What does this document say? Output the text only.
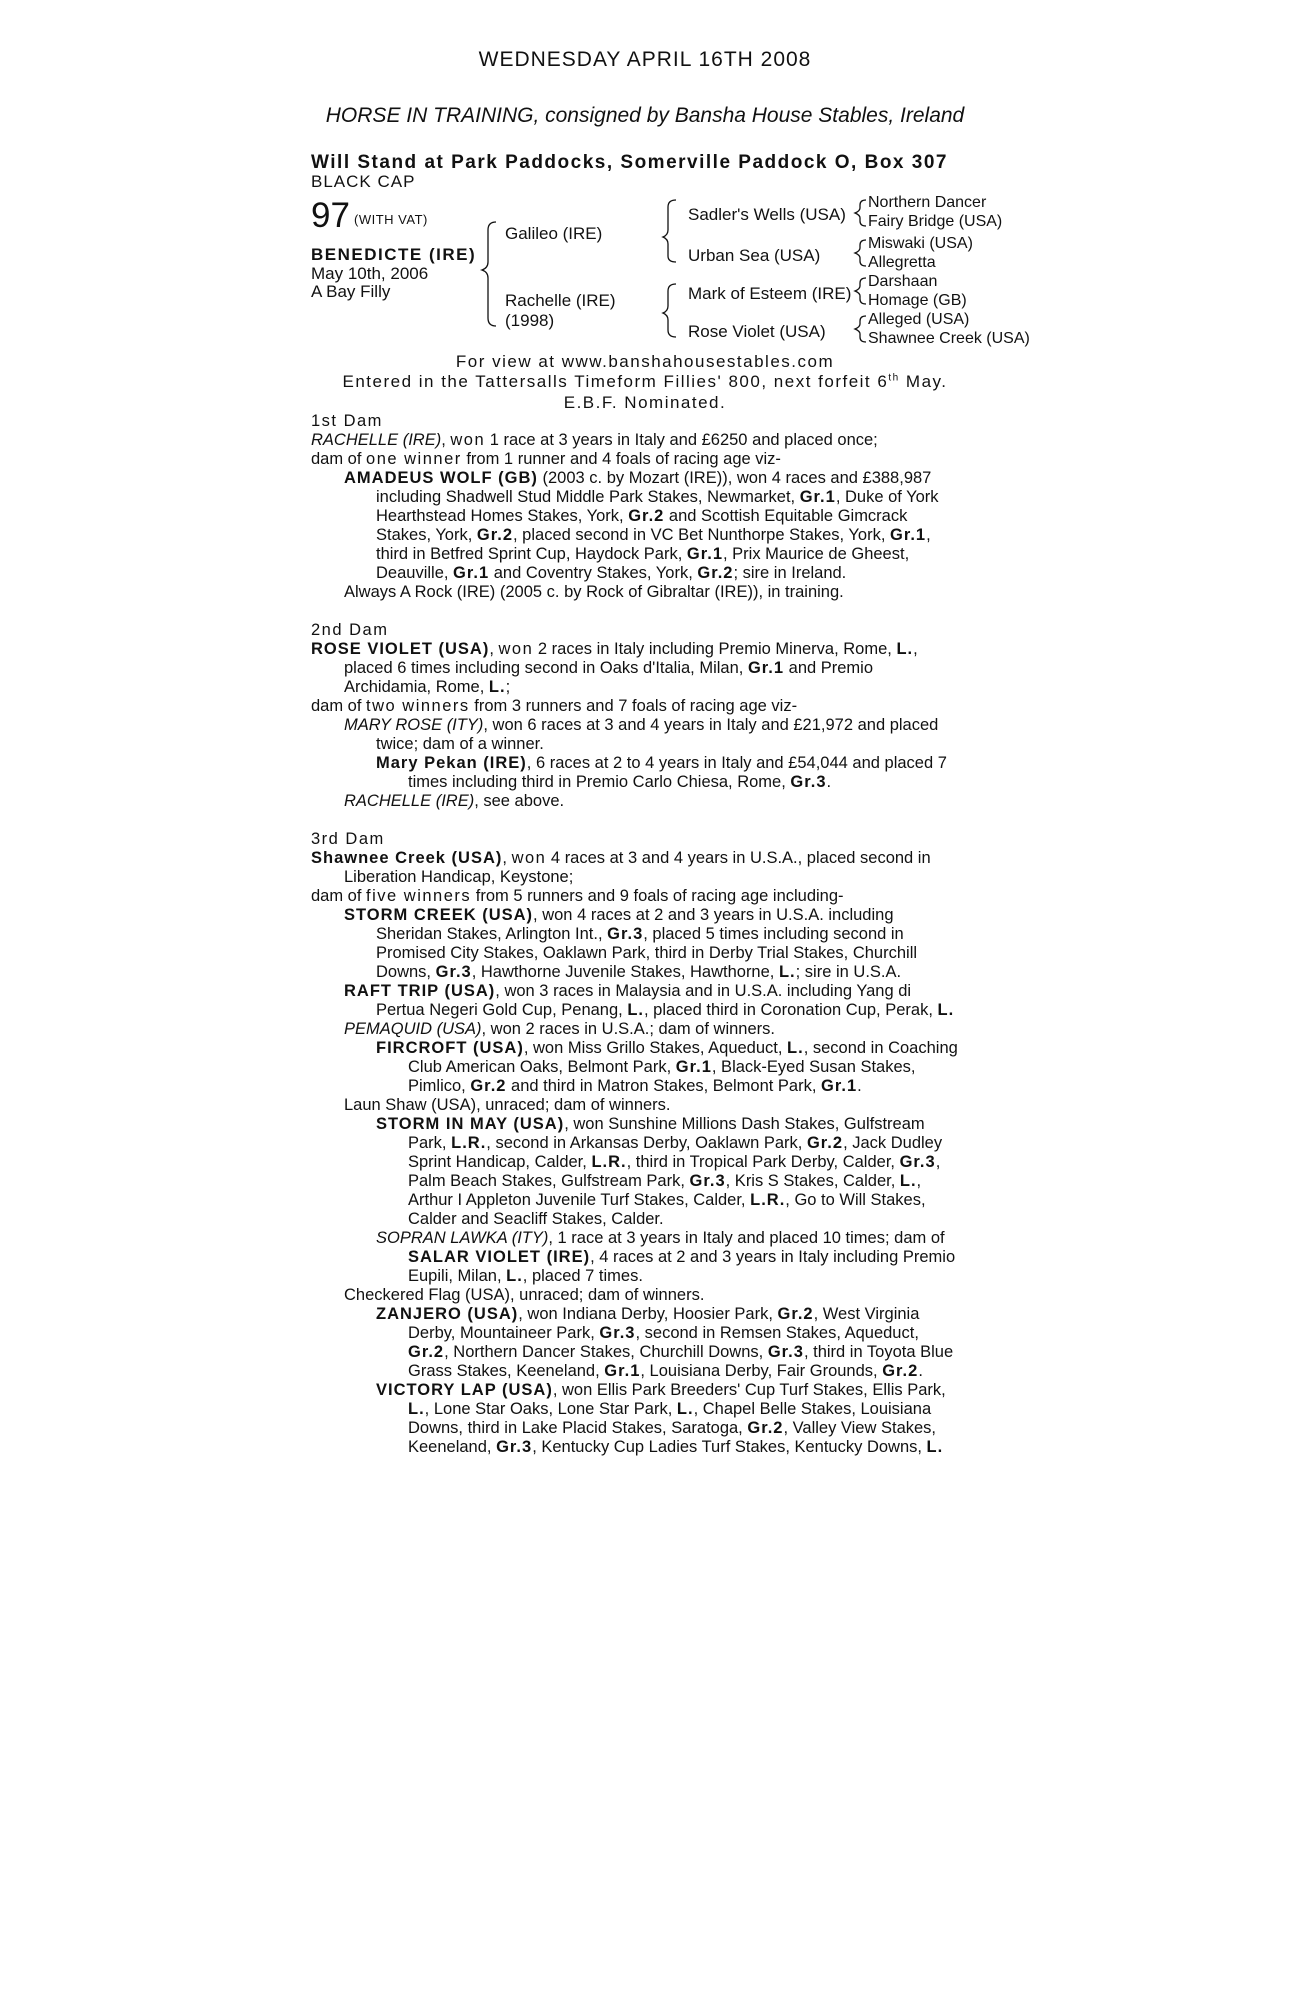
WEDNESDAY APRIL 16TH 2008
HORSE IN TRAINING, consigned by Bansha House Stables, Ireland
Will Stand at Park Paddocks, Somerville Paddock O, Box 307
BLACK CAP
97 (WITH VAT)
BENEDICTE (IRE)
May 10th, 2006
A Bay Filly
Galileo (IRE)
Rachelle (IRE)
(1998)
Sadler's Wells (USA)
Urban Sea (USA)
Mark of Esteem (IRE)
Rose Violet (USA)
Northern Dancer
Fairy Bridge (USA)
Miswaki (USA)
Allegretta
Darshaan
Homage (GB)
Alleged (USA)
Shawnee Creek (USA)
For view at www.banshahousestables.com
Entered in the Tattersalls Timeform Fillies' 800, next forfeit 6th May.
E.B.F. Nominated.
1st Dam
RACHELLE (IRE), won 1 race at 3 years in Italy and £6250 and placed once;
dam of one winner from 1 runner and 4 foals of racing age viz-
AMADEUS WOLF (GB) (2003 c. by Mozart (IRE)), won 4 races and £388,987
including Shadwell Stud Middle Park Stakes, Newmarket, Gr.1, Duke of York
Hearthstead Homes Stakes, York, Gr.2 and Scottish Equitable Gimcrack
Stakes, York, Gr.2, placed second in VC Bet Nunthorpe Stakes, York, Gr.1,
third in Betfred Sprint Cup, Haydock Park, Gr.1, Prix Maurice de Gheest,
Deauville, Gr.1 and Coventry Stakes, York, Gr.2; sire in Ireland.
Always A Rock (IRE) (2005 c. by Rock of Gibraltar (IRE)), in training.
2nd Dam
ROSE VIOLET (USA), won 2 races in Italy including Premio Minerva, Rome, L.,
placed 6 times including second in Oaks d'Italia, Milan, Gr.1 and Premio
Archidamia, Rome, L.;
dam of two winners from 3 runners and 7 foals of racing age viz-
MARY ROSE (ITY), won 6 races at 3 and 4 years in Italy and £21,972 and placed
twice; dam of a winner.
Mary Pekan (IRE), 6 races at 2 to 4 years in Italy and £54,044 and placed 7
times including third in Premio Carlo Chiesa, Rome, Gr.3.
RACHELLE (IRE), see above.
3rd Dam
Shawnee Creek (USA), won 4 races at 3 and 4 years in U.S.A., placed second in
Liberation Handicap, Keystone;
dam of five winners from 5 runners and 9 foals of racing age including-
STORM CREEK (USA), won 4 races at 2 and 3 years in U.S.A. including
Sheridan Stakes, Arlington Int., Gr.3, placed 5 times including second in
Promised City Stakes, Oaklawn Park, third in Derby Trial Stakes, Churchill
Downs, Gr.3, Hawthorne Juvenile Stakes, Hawthorne, L.; sire in U.S.A.
RAFT TRIP (USA), won 3 races in Malaysia and in U.S.A. including Yang di
Pertua Negeri Gold Cup, Penang, L., placed third in Coronation Cup, Perak, L.
PEMAQUID (USA), won 2 races in U.S.A.; dam of winners.
FIRCROFT (USA), won Miss Grillo Stakes, Aqueduct, L., second in Coaching
Club American Oaks, Belmont Park, Gr.1, Black-Eyed Susan Stakes,
Pimlico, Gr.2 and third in Matron Stakes, Belmont Park, Gr.1.
Laun Shaw (USA), unraced; dam of winners.
STORM IN MAY (USA), won Sunshine Millions Dash Stakes, Gulfstream
Park, L.R., second in Arkansas Derby, Oaklawn Park, Gr.2, Jack Dudley
Sprint Handicap, Calder, L.R., third in Tropical Park Derby, Calder, Gr.3,
Palm Beach Stakes, Gulfstream Park, Gr.3, Kris S Stakes, Calder, L.,
Arthur I Appleton Juvenile Turf Stakes, Calder, L.R., Go to Will Stakes,
Calder and Seacliff Stakes, Calder.
SOPRAN LAWKA (ITY), 1 race at 3 years in Italy and placed 10 times; dam of
SALAR VIOLET (IRE), 4 races at 2 and 3 years in Italy including Premio
Eupili, Milan, L., placed 7 times.
Checkered Flag (USA), unraced; dam of winners.
ZANJERO (USA), won Indiana Derby, Hoosier Park, Gr.2, West Virginia
Derby, Mountaineer Park, Gr.3, second in Remsen Stakes, Aqueduct,
Gr.2, Northern Dancer Stakes, Churchill Downs, Gr.3, third in Toyota Blue
Grass Stakes, Keeneland, Gr.1, Louisiana Derby, Fair Grounds, Gr.2.
VICTORY LAP (USA), won Ellis Park Breeders' Cup Turf Stakes, Ellis Park,
L., Lone Star Oaks, Lone Star Park, L., Chapel Belle Stakes, Louisiana
Downs, third in Lake Placid Stakes, Saratoga, Gr.2, Valley View Stakes,
Keeneland, Gr.3, Kentucky Cup Ladies Turf Stakes, Kentucky Downs, L.
